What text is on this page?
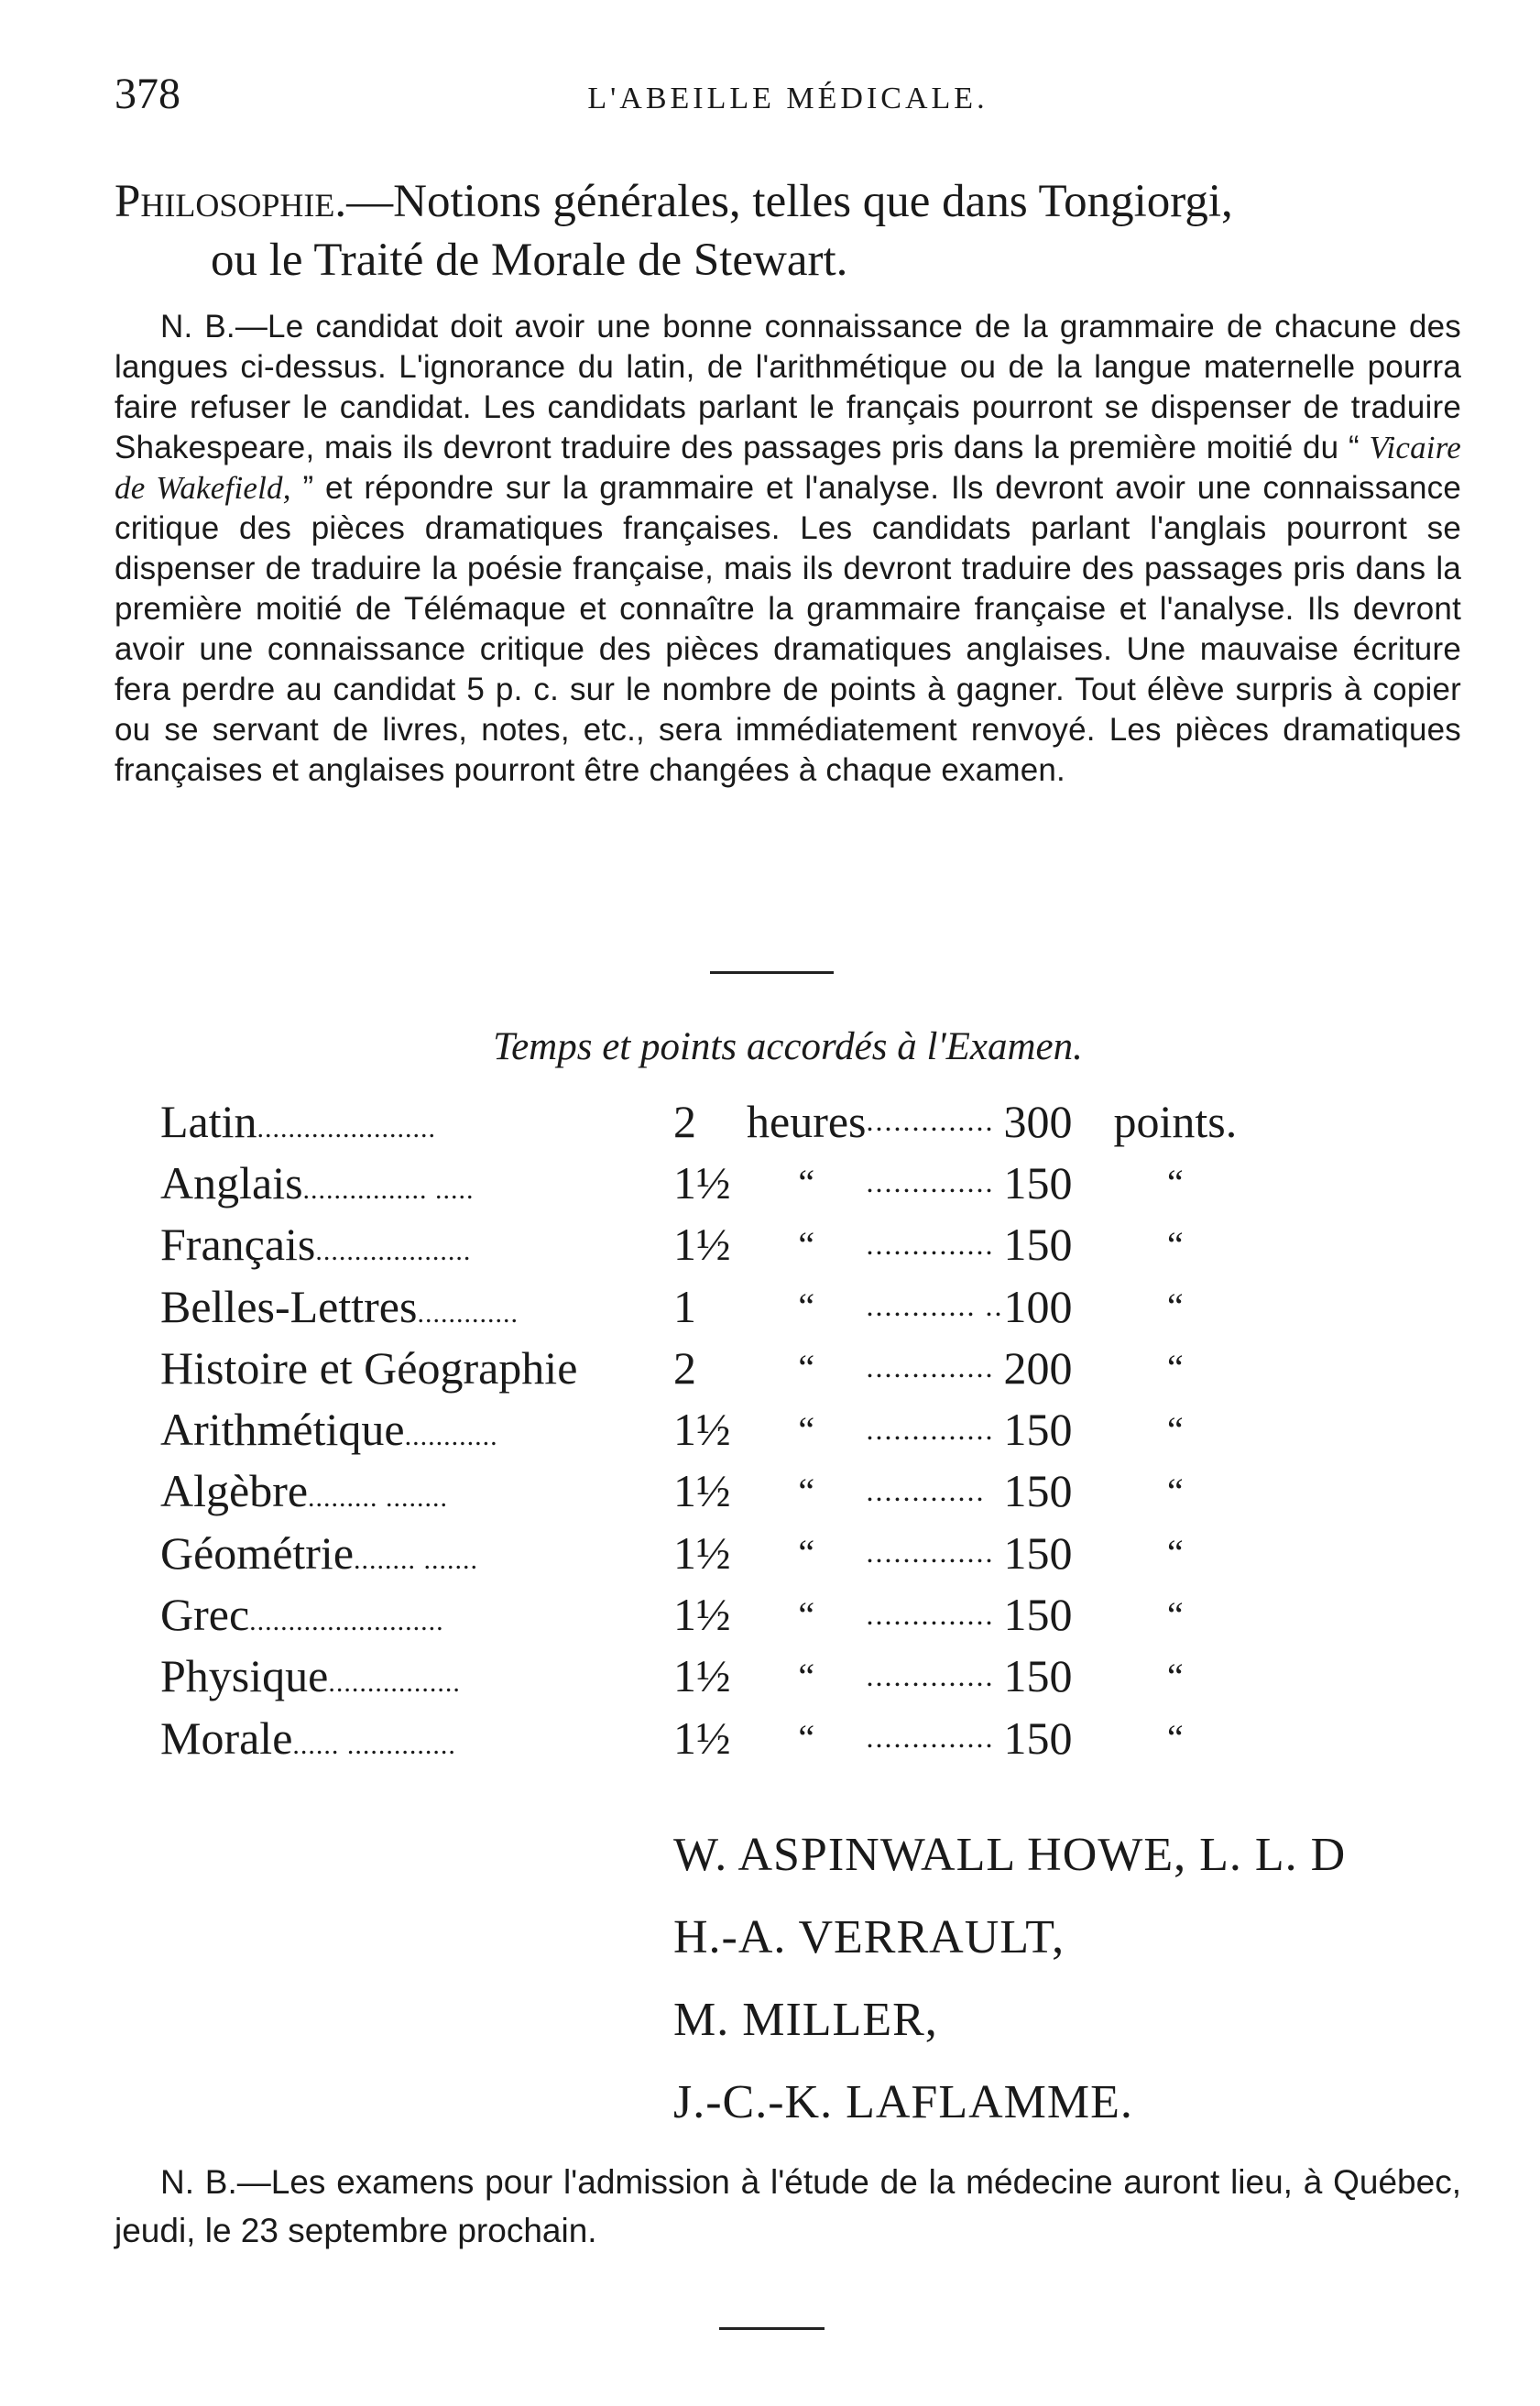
378	L'ABEILLE MÉDICALE.
Philosophie.—Notions générales, telles que dans Tongiorgi,
ou le Traité de Morale de Stewart.
N. B.—Le candidat doit avoir une bonne connaissance de la grammaire de chacune des langues ci-dessus. L'ignorance du latin, de l'arithmétique ou de la langue maternelle pourra faire refuser le candidat. Les candidats parlant le français pourront se dispenser de traduire Shakespeare, mais ils devront traduire des passages pris dans la première moitié du “ Vicaire de Wakefield, ” et répondre sur la grammaire et l'analyse. Ils devront avoir une connaissance critique des pièces dramatiques françaises. Les candidats parlant l'anglais pourront se dispenser de traduire la poésie française, mais ils devront traduire des passages pris dans la première moitié de Télémaque et connaître la grammaire française et l'analyse. Ils devront avoir une connaissance critique des pièces dramatiques anglaises. Une mauvaise écriture fera perdre au candidat 5 p. c. sur le nombre de points à gagner. Tout élève surpris à copier ou se servant de livres, notes, etc., sera immédiatement renvoyé. Les pièces dramatiques françaises et anglaises pourront être changées à chaque examen.
Temps et points accordés à l'Examen.
Latin.......................	2	heures	..............	300	points.
Anglais................ .....	1½	“	..............	150	“
Français....................	1½	“	..............	150	“
Belles-Lettres.............	1	“	............ ..	100	“
Histoire et Géographie	2	“	..............	200	“
Arithmétique............	1½	“	..............	150	“
Algèbre......... ........	1½	“	.............	150	“
Géométrie........ .......	1½	“	..............	150	“
Grec.........................	1½	“	..............	150	“
Physique.................	1½	“	..............	150	“
Morale...... ..............	1½	“	..............	150	“
W. ASPINWALL HOWE, L. L. D
H.-A. VERRAULT,
M. MILLER,
J.-C.-K. LAFLAMME.
N. B.—Les examens pour l'admission à l'étude de la médecine auront lieu, à Québec, jeudi, le 23 septembre prochain.
